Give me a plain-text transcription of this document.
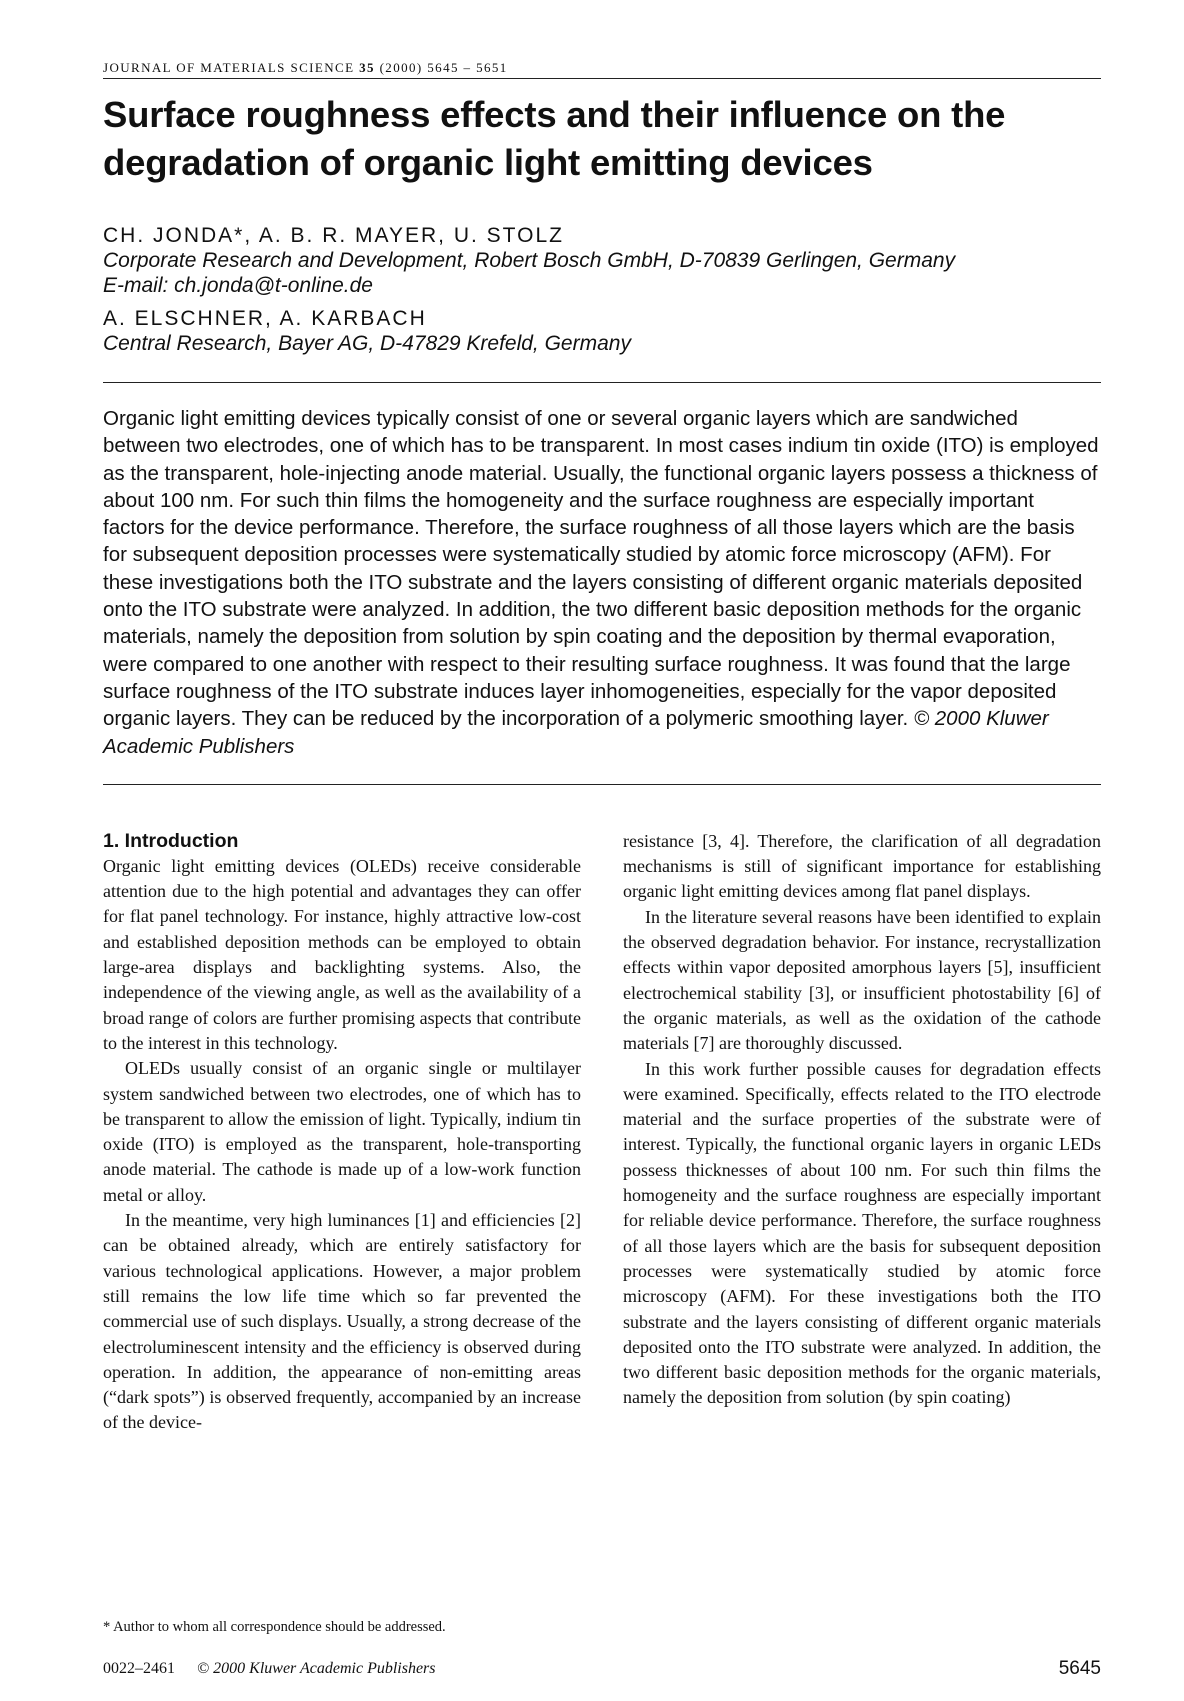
JOURNAL OF MATERIALS SCIENCE 35 (2000) 5645 – 5651
Surface roughness effects and their influence on the degradation of organic light emitting devices
CH. JONDA*, A. B. R. MAYER, U. STOLZ
Corporate Research and Development, Robert Bosch GmbH, D-70839 Gerlingen, Germany
E-mail: ch.jonda@t-online.de
A. ELSCHNER, A. KARBACH
Central Research, Bayer AG, D-47829 Krefeld, Germany
Organic light emitting devices typically consist of one or several organic layers which are sandwiched between two electrodes, one of which has to be transparent. In most cases indium tin oxide (ITO) is employed as the transparent, hole-injecting anode material. Usually, the functional organic layers possess a thickness of about 100 nm. For such thin films the homogeneity and the surface roughness are especially important factors for the device performance. Therefore, the surface roughness of all those layers which are the basis for subsequent deposition processes were systematically studied by atomic force microscopy (AFM). For these investigations both the ITO substrate and the layers consisting of different organic materials deposited onto the ITO substrate were analyzed. In addition, the two different basic deposition methods for the organic materials, namely the deposition from solution by spin coating and the deposition by thermal evaporation, were compared to one another with respect to their resulting surface roughness. It was found that the large surface roughness of the ITO substrate induces layer inhomogeneities, especially for the vapor deposited organic layers. They can be reduced by the incorporation of a polymeric smoothing layer. © 2000 Kluwer Academic Publishers
1. Introduction

Organic light emitting devices (OLEDs) receive considerable attention due to the high potential and advantages they can offer for flat panel technology. For instance, highly attractive low-cost and established deposition methods can be employed to obtain large-area displays and backlighting systems. Also, the independence of the viewing angle, as well as the availability of a broad range of colors are further promising aspects that contribute to the interest in this technology.

OLEDs usually consist of an organic single or multilayer system sandwiched between two electrodes, one of which has to be transparent to allow the emission of light. Typically, indium tin oxide (ITO) is employed as the transparent, hole-transporting anode material. The cathode is made up of a low-work function metal or alloy.

In the meantime, very high luminances [1] and efficiencies [2] can be obtained already, which are entirely satisfactory for various technological applications. However, a major problem still remains the low life time which so far prevented the commercial use of such displays. Usually, a strong decrease of the electroluminescent intensity and the efficiency is observed during operation. In addition, the appearance of non-emitting areas (“dark spots”) is observed frequently, accompanied by an increase of the device-

resistance [3, 4]. Therefore, the clarification of all degradation mechanisms is still of significant importance for establishing organic light emitting devices among flat panel displays.

In the literature several reasons have been identified to explain the observed degradation behavior. For instance, recrystallization effects within vapor deposited amorphous layers [5], insufficient electrochemical stability [3], or insufficient photostability [6] of the organic materials, as well as the oxidation of the cathode materials [7] are thoroughly discussed.

In this work further possible causes for degradation effects were examined. Specifically, effects related to the ITO electrode material and the surface properties of the substrate were of interest. Typically, the functional organic layers in organic LEDs possess thicknesses of about 100 nm. For such thin films the homogeneity and the surface roughness are especially important for reliable device performance. Therefore, the surface roughness of all those layers which are the basis for subsequent deposition processes were systematically studied by atomic force microscopy (AFM). For these investigations both the ITO substrate and the layers consisting of different organic materials deposited onto the ITO substrate were analyzed. In addition, the two different basic deposition methods for the organic materials, namely the deposition from solution (by spin coating)

* Author to whom all correspondence should be addressed.
0022–2461 © 2000 Kluwer Academic Publishers	5645
